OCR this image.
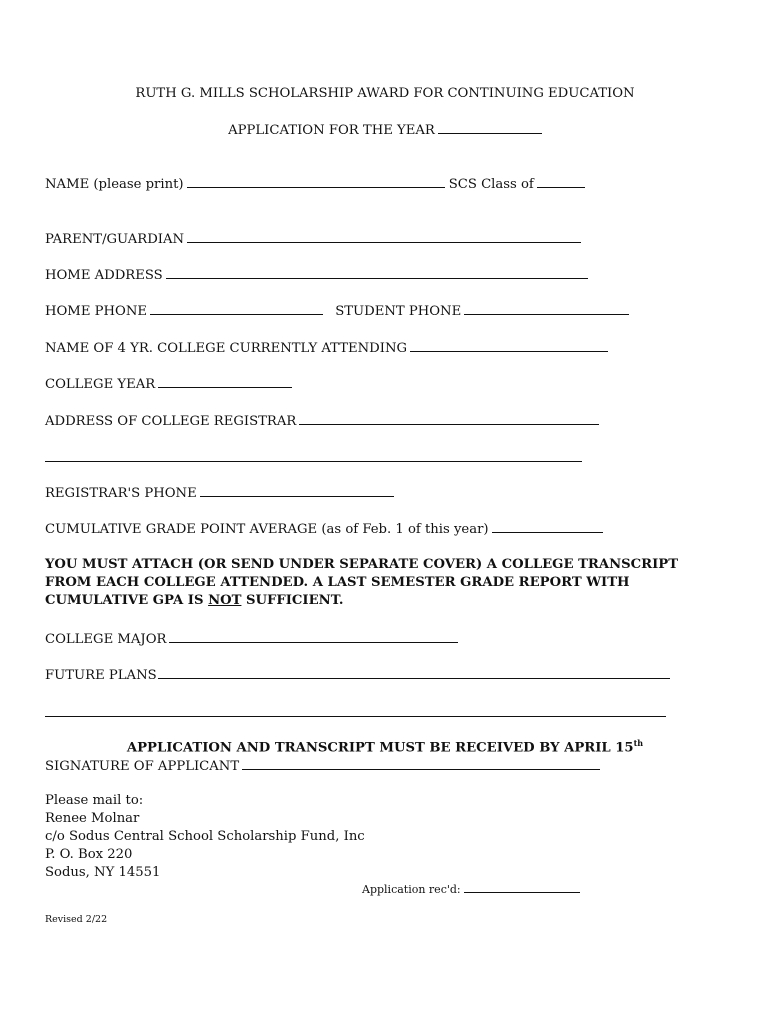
RUTH G. MILLS SCHOLARSHIP AWARD FOR CONTINUING EDUCATION
APPLICATION FOR THE YEAR
NAME (please print)	SCS Class of
PARENT/GUARDIAN
HOME ADDRESS
HOME PHONE	STUDENT PHONE
NAME OF 4 YR. COLLEGE CURRENTLY ATTENDING
COLLEGE YEAR
ADDRESS OF COLLEGE REGISTRAR
REGISTRAR'S PHONE
CUMULATIVE GRADE POINT AVERAGE (as of Feb. 1 of this year)
YOU MUST ATTACH (OR SEND UNDER SEPARATE COVER) A COLLEGE TRANSCRIPT FROM EACH COLLEGE ATTENDED. A LAST SEMESTER GRADE REPORT WITH CUMULATIVE GPA IS NOT SUFFICIENT.
COLLEGE MAJOR
FUTURE PLANS
APPLICATION AND TRANSCRIPT MUST BE RECEIVED BY APRIL 15th
SIGNATURE OF APPLICANT
Please mail to:
Renee Molnar
c/o Sodus Central School Scholarship Fund, Inc
P. O. Box 220
Sodus, NY 14551
Application rec'd:
Revised 2/22
